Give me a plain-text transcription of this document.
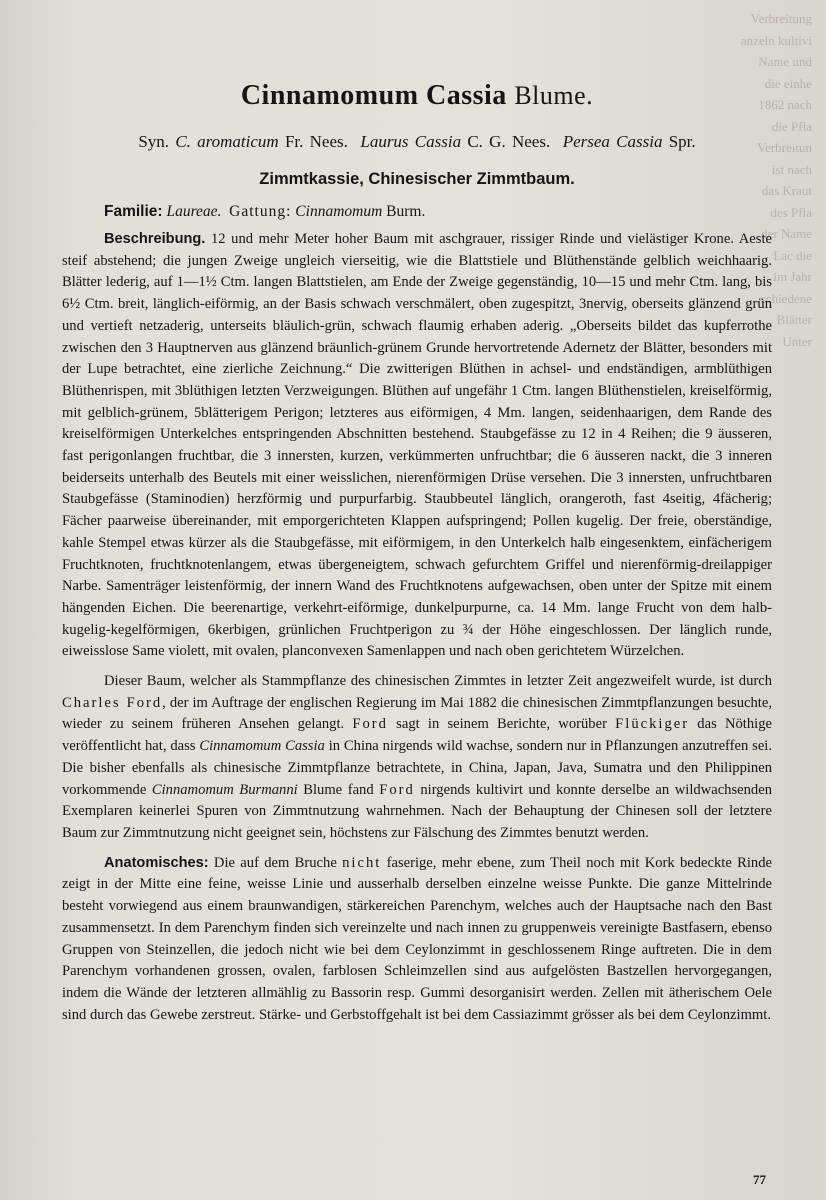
Verbreitung
anzeln kultivi
Name und
die einhe
1862 nach
die Pfla
Verbreitun
ist nach
das Kraut
des Pfla
der Name
Lac die
im Jahr
schiedene
Blätter
Unter
Cinnamomum Cassia Blume.
Syn. C. aromaticum Fr. Nees. Laurus Cassia C. G. Nees. Persea Cassia Spr.
Zimmtkassie, Chinesischer Zimmtbaum.
Familie: Laureae. Gattung: Cinnamomum Burm.

Beschreibung. 12 und mehr Meter hoher Baum mit aschgrauer, rissiger Rinde und vielästiger Krone. Aeste steif abstehend; die jungen Zweige ungleich vierseitig, wie die Blattstiele und Blüthenstände gelblich weichhaarig. Blätter lederig, auf 1—1½ Ctm. langen Blattstielen, am Ende der Zweige gegenständig, 10—15 und mehr Ctm. lang, bis 6½ Ctm. breit, länglich-eiförmig, an der Basis schwach verschmälert, oben zugespitzt, 3nervig, oberseits glänzend grün und vertieft netzaderig, unterseits bläulich-grün, schwach flaumig erhaben aderig. „Oberseits bildet das kupferrothe zwischen den 3 Hauptnerven aus glänzend bräunlich-grünem Grunde hervortretende Adernetz der Blätter, besonders mit der Lupe betrachtet, eine zierliche Zeichnung.“ Die zwitterigen Blüthen in achsel- und endständigen, armblüthigen Blüthenrispen, mit 3blüthigen letzten Verzweigungen. Blüthen auf ungefähr 1 Ctm. langen Blüthenstielen, kreiselförmig, mit gelblich-grünem, 5blätterigem Perigon; letzteres aus eiförmigen, 4 Mm. langen, seidenhaarigen, dem Rande des kreiselförmigen Unterkelches entspringenden Abschnitten bestehend. Staubgefässe zu 12 in 4 Reihen; die 9 äusseren, fast perigonlangen fruchtbar, die 3 innersten, kurzen, verkümmerten unfruchtbar; die 6 äusseren nackt, die 3 inneren beiderseits unterhalb des Beutels mit einer weisslichen, nierenförmigen Drüse versehen. Die 3 innersten, unfruchtbaren Staubgefässe (Staminodien) herzförmig und purpurfarbig. Staubbeutel länglich, orangeroth, fast 4seitig, 4fächerig; Fächer paarweise übereinander, mit emporgerichteten Klappen aufspringend; Pollen kugelig. Der freie, oberständige, kahle Stempel etwas kürzer als die Staubgefässe, mit eiförmigem, in den Unterkelch halb eingesenktem, einfächerigem Fruchtknoten, fruchtknotenlangem, etwas übergeneigtem, schwach gefurchtem Griffel und nierenförmig-dreilappiger Narbe. Samenträger leistenförmig, der innern Wand des Fruchtknotens aufgewachsen, oben unter der Spitze mit einem hängenden Eichen. Die beerenartige, verkehrt-eiförmige, dunkelpurpurne, ca. 14 Mm. lange Frucht von dem halbkugelig-kegelförmigen, 6kerbigen, grünlichen Fruchtperigon zu ¾ der Höhe eingeschlossen. Der länglich runde, eiweisslose Same violett, mit ovalen, planconvexen Samenlappen und nach oben gerichtetem Würzelchen.

Dieser Baum, welcher als Stammpflanze des chinesischen Zimmtes in letzter Zeit angezweifelt wurde, ist durch Charles Ford, der im Auftrage der englischen Regierung im Mai 1882 die chinesischen Zimmtpflanzungen besuchte, wieder zu seinem früheren Ansehen gelangt. Ford sagt in seinem Berichte, worüber Flückiger das Nöthige veröffentlicht hat, dass Cinnamomum Cassia in China nirgends wild wachse, sondern nur in Pflanzungen anzutreffen sei. Die bisher ebenfalls als chinesische Zimmtpflanze betrachtete, in China, Japan, Java, Sumatra und den Philippinen vorkommende Cinnamomum Burmanni Blume fand Ford nirgends kultivirt und konnte derselbe an wildwachsenden Exemplaren keinerlei Spuren von Zimmtnutzung wahrnehmen. Nach der Behauptung der Chinesen soll der letztere Baum zur Zimmtnutzung nicht geeignet sein, höchstens zur Fälschung des Zimmtes benutzt werden.

Anatomisches: Die auf dem Bruche nicht faserige, mehr ebene, zum Theil noch mit Kork bedeckte Rinde zeigt in der Mitte eine feine, weisse Linie und ausserhalb derselben einzelne weisse Punkte. Die ganze Mittelrinde besteht vorwiegend aus einem braunwandigen, stärkereichen Parenchym, welches auch der Hauptsache nach den Bast zusammensetzt. In dem Parenchym finden sich vereinzelte und nach innen zu gruppenweis vereinigte Bastfasern, ebenso Gruppen von Steinzellen, die jedoch nicht wie bei dem Ceylonzimmt in geschlossenem Ringe auftreten. Die in dem Parenchym vorhandenen grossen, ovalen, farblosen Schleimzellen sind aus aufgelösten Bastzellen hervorgegangen, indem die Wände der letzteren allmählig zu Bassorin resp. Gummi desorganisirt werden. Zellen mit ätherischem Oele sind durch das Gewebe zerstreut. Stärke- und Gerbstoffgehalt ist bei dem Cassiazimmt grösser als bei dem Ceylonzimmt.

77
